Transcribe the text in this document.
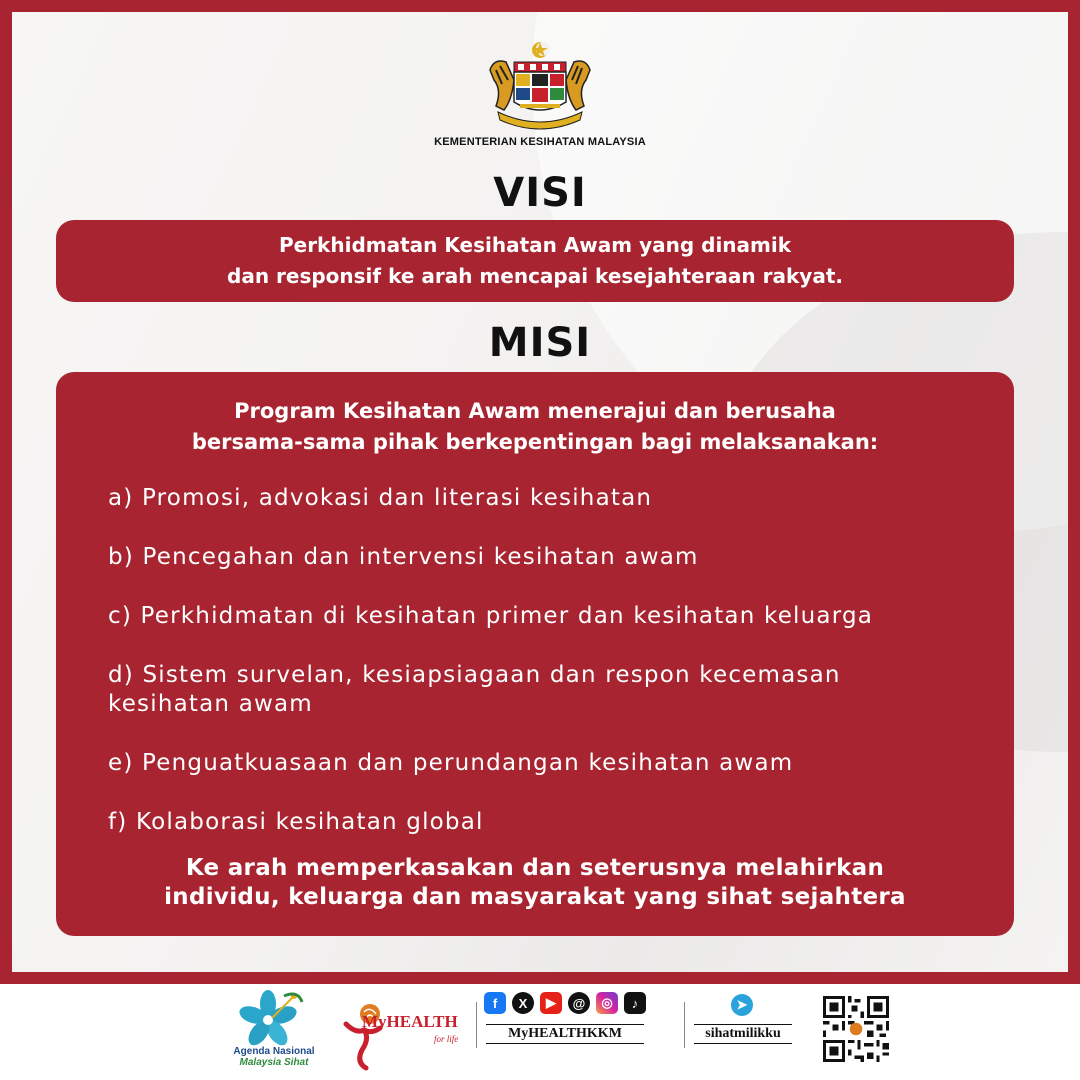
KEMENTERIAN KESIHATAN MALAYSIA
VISI
Perkhidmatan Kesihatan Awam yang dinamik
dan responsif ke arah mencapai kesejahteraan rakyat.
MISI
Program Kesihatan Awam menerajui dan berusaha
bersama-sama pihak berkepentingan bagi melaksanakan:
a) Promosi, advokasi dan literasi kesihatan
b) Pencegahan dan intervensi kesihatan awam
c) Perkhidmatan di kesihatan primer dan kesihatan keluarga
d) Sistem survelan, kesiapsiagaan dan respon kecemasan kesihatan awam
e) Penguatkuasaan dan perundangan kesihatan awam
f) Kolaborasi kesihatan global
Ke arah memperkasakan dan seterusnya melahirkan
individu, keluarga dan masyarakat yang sihat sejahtera
Agenda Nasional
Malaysia Sihat
MyHEALTH
for life
f	X	▶	@	◎	♪
MyHEALTHKKM
➤
sihatmilikku
